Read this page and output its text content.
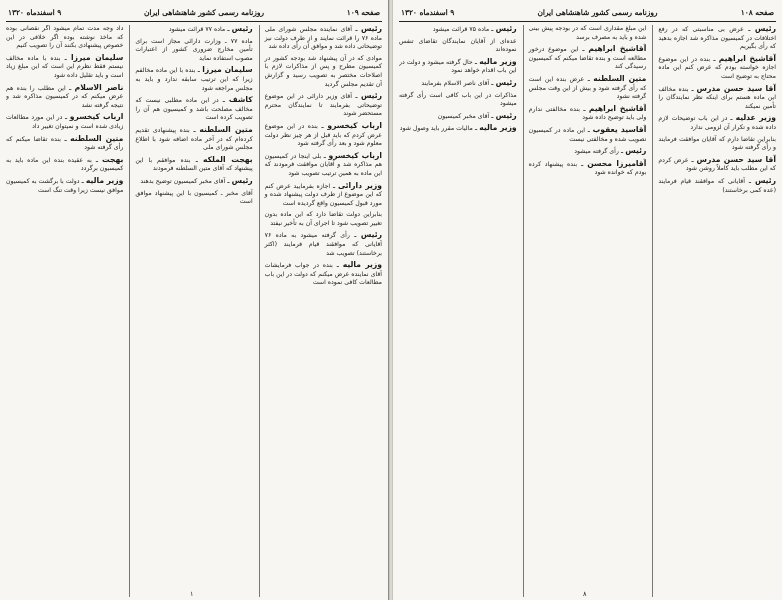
صفحه ۱۰۹
روزنامه رسمی کشور شاهنشاهی ایران
۹ اسفندماه ۱۳۲۰

رئیس ـ آقای نماینده مجلس شورای ملی ماده ۷۶ را قرائت نمایند و از طرف دولت نیز توضیحاتی داده شد و موافق آن رأی داده شد

موادی که در آن پیشنهاد شد بودجه کشور در کمیسیون مطرح و پس از مذاکرات لازم با اصلاحات مختصر به تصویب رسید و گزارش آن تقدیم مجلس گردید

رئیس ـ آقای وزیر دارائی در این موضوع توضیحاتی بفرمایند تا نمایندگان محترم مستحضر شوند

ارباب کیخسرو ـ بنده در این موضوع عرض کردم که باید قبل از هر چیز نظر دولت معلوم شود و بعد رأی گرفته شود

ارباب کیخسرو ـ بلی اینجا در کمیسیون هم مذاکره شد و آقایان موافقت فرمودند که این ماده به همین ترتیب تصویب شود

وزیر دارائی ـ اجازه بفرمایید عرض کنم که این موضوع از طرف دولت پیشنهاد شده و مورد قبول کمیسیون واقع گردیده است

بنابراین دولت تقاضا دارد که این ماده بدون تغییر تصویب شود تا اجرای آن به تأخیر نیفتد

رئیس ـ رأی گرفته میشود به ماده ۷۶ آقایانی که موافقند قیام فرمایند (اکثر برخاستند) تصویب شد

وزیر مالیه ـ بنده در جواب فرمایشات آقای نماینده عرض میکنم که دولت در این باب مطالعات کافی نموده است

رئیس ـ ماده ۷۷ قرائت میشود

ماده ۷۷ ـ وزارت دارائی مجاز است برای تأمین مخارج ضروری کشور از اعتبارات مصوب استفاده نماید

سلیمان میرزا ـ بنده با این ماده مخالفم زیرا که این ترتیب سابقه ندارد و باید به مجلس مراجعه شود

کاشف ـ در این ماده مطلبی نیست که مخالف مصلحت باشد و کمیسیون هم آن را تصویب کرده است

متین السلطنه ـ بنده پیشنهادی تقدیم کرده‌ام که در آخر ماده اضافه شود با اطلاع مجلس شورای ملی

بهجت الملکه ـ بنده موافقم با این پیشنهاد که آقای متین السلطنه فرمودند

رئیس ـ آقای مخبر کمیسیون توضیح بدهند

آقای مخبر ـ کمیسیون با این پیشنهاد موافق است

داد وجه مدت تمام میشود اگر نقصانی بوده که ماخذ نوشته بوده اگر خلافی در این خصوص پیشنهادی بکنند آن را تصویب کنیم

سلیمان میرزا ـ بنده با ماده مخالف نیستم فقط نظرم این است که این مبلغ زیاد است و باید تقلیل داده شود

ناصر الاسلام ـ این مطلب را بنده هم عرض میکنم که در کمیسیون مذاکره شد و نتیجه گرفته نشد

ارباب کیخسرو ـ در این مورد مطالعات زیادی شده است و نمیتوان تغییر داد

متین السلطنه ـ بنده تقاضا میکنم که رأی گرفته شود

بهجت ـ به عقیده بنده این ماده باید به کمیسیون برگردد

وزیر مالیه ـ دولت با برگشت به کمیسیون موافق نیست زیرا وقت تنگ است

۱
صفحه ۱۰۸
روزنامه رسمی کشور شاهنشاهی ایران
۹ اسفندماه ۱۳۲۰

رئیس ـ عرض بی مناسبتی که در رفع اختلافات در کمیسیون مذاکره شد اجازه بدهید که رأی بگیریم

آقاشیخ ابراهیم ـ بنده در این موضوع اجازه خواسته بودم که عرض کنم این ماده محتاج به توضیح است

آقا سید حسن مدرس ـ بنده مخالف این ماده هستم برای اینکه نظر نمایندگان را تأمین نمیکند

وزیر عدلیه ـ در این باب توضیحات لازم داده شده و تکرار آن لزومی ندارد

بنابراین تقاضا دارم که آقایان موافقت فرمایند و رأی گرفته شود

آقا سید حسن مدرس ـ عرض کردم که این مطلب باید کاملاً روشن شود

رئیس ـ آقایانی که موافقند قیام فرمایند (عده کمی برخاستند)

این مبلغ مقداری است که در بودجه پیش بینی شده و باید به مصرف برسد

آقاشیخ ابراهیم ـ این موضوع درخور مطالعه است و بنده تقاضا میکنم که کمیسیون رسیدگی کند

متین السلطنه ـ عرض بنده این است که رأی گرفته شود و بیش از این وقت مجلس گرفته نشود

آقاشیخ ابراهیم ـ بنده مخالفتی ندارم ولی باید توضیح داده شود

آقاسید یعقوب ـ این ماده در کمیسیون تصویب شده و مخالفتی نیست

رئیس ـ رأی گرفته میشود

آقامیرزا محسن ـ بنده پیشنهاد کرده بودم که خوانده شود

رئیس ـ ماده ۷۵ قرائت میشود

عده‌ای از آقایان نمایندگان تقاضای تنفس نموده‌اند

وزیر مالیه ـ حال گرفته میشود و دولت در این باب اقدام خواهد نمود

رئیس ـ آقای ناصر الاسلام بفرمایند

مذاکرات در این باب کافی است رأی گرفته میشود

رئیس ـ آقای مخبر کمیسیون

وزیر مالیه ـ مالیات مقرر باید وصول شود

۸
